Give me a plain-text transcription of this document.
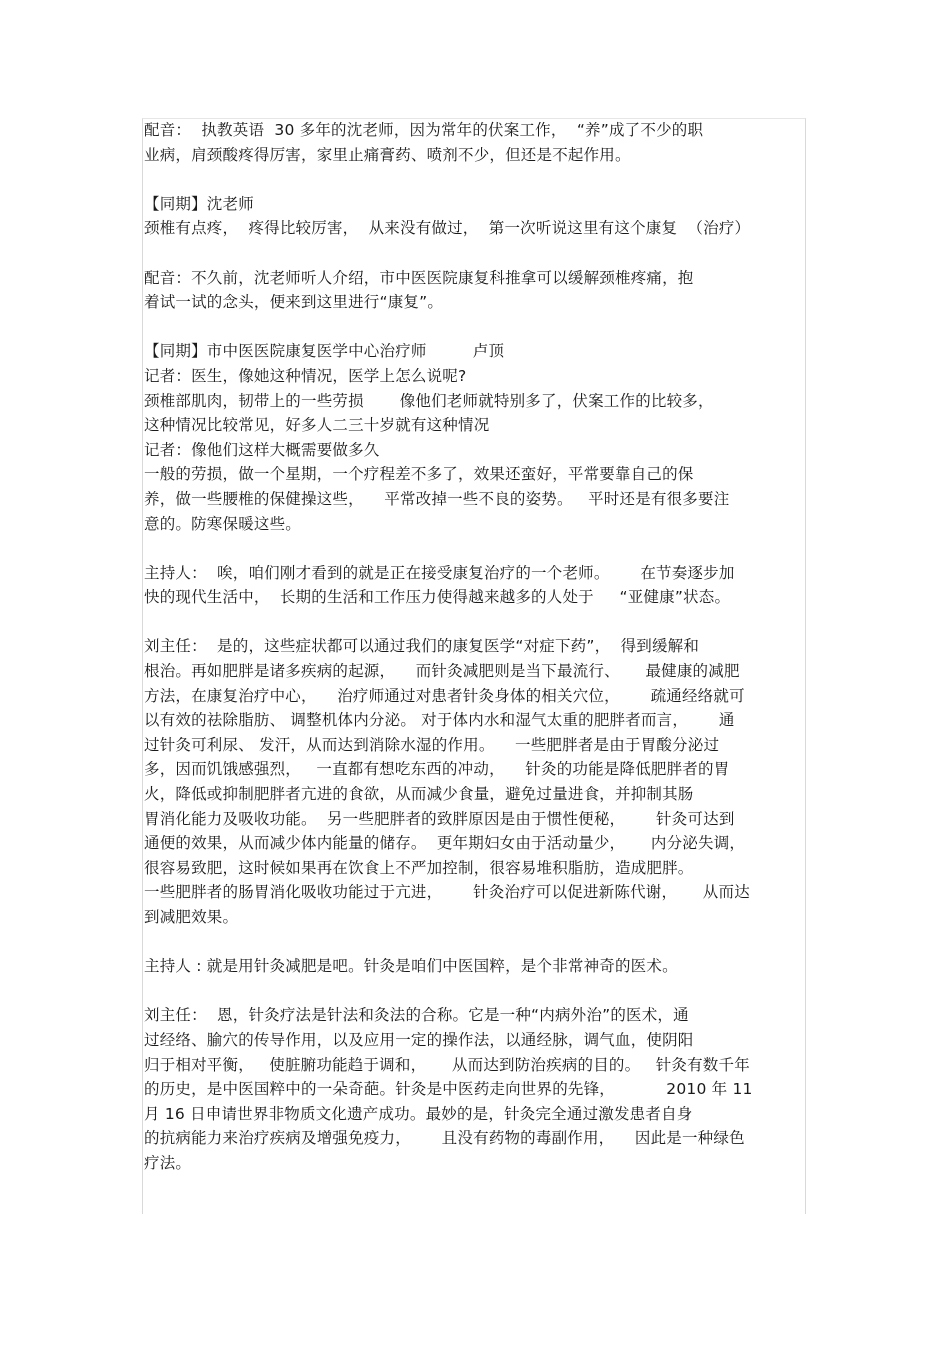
配音：  执教英语  30 多年的沈老师，因为常年的伏案工作，  “养”成了不少的职
业病，肩颈酸疼得厉害，家里止痛膏药、喷剂不少，但还是不起作用。
【同期】沈老师
颈椎有点疼，  疼得比较厉害，  从来没有做过，  第一次听说这里有这个康复  （治疗）
配音：不久前，沈老师听人介绍，市中医医院康复科推拿可以缓解颈椎疼痛，抱
着试一试的念头，便来到这里进行“康复”。
【同期】市中医医院康复医学中心治疗师         卢顶
记者：医生，像她这种情况，医学上怎么说呢?
颈椎部肌肉，韧带上的一些劳损       像他们老师就特别多了，伏案工作的比较多，
这种情况比较常见，好多人二三十岁就有这种情况
记者：像他们这样大概需要做多久
一般的劳损，做一个星期，一个疗程差不多了，效果还蛮好，平常要靠自己的保
养，做一些腰椎的保健操这些，    平常改掉一些不良的姿势。   平时还是有很多要注
意的。防寒保暖这些。
主持人：  唉，咱们刚才看到的就是正在接受康复治疗的一个老师。      在节奏逐步加
快的现代生活中，  长期的生活和工作压力使得越来越多的人处于     “亚健康”状态。
刘主任：  是的，这些症状都可以通过我们的康复医学“对症下药”，  得到缓解和
根治。再如肥胖是诸多疾病的起源，    而针灸减肥则是当下最流行、     最健康的减肥
方法，在康复治疗中心，    治疗师通过对患者针灸身体的相关穴位，      疏通经络就可
以有效的祛除脂肪、 调整机体内分泌。 对于体内水和湿气太重的肥胖者而言，      通
过针灸可利尿、 发汗，从而达到消除水湿的作用。    一些肥胖者是由于胃酸分泌过
多，因而饥饿感强烈，   一直都有想吃东西的冲动，    针灸的功能是降低肥胖者的胃
火，降低或抑制肥胖者亢进的食欲，从而减少食量，避免过量进食，并抑制其肠
胃消化能力及吸收功能。  另一些肥胖者的致胖原因是由于惯性便秘，      针灸可达到
通便的效果，从而减少体内能量的储存。  更年期妇女由于活动量少，     内分泌失调，
很容易致肥，这时候如果再在饮食上不严加控制，很容易堆积脂肪，造成肥胖。
一些肥胖者的肠胃消化吸收功能过于亢进，      针灸治疗可以促进新陈代谢，     从而达
到减肥效果。
主持人 : 就是用针灸减肥是吧。针灸是咱们中医国粹，是个非常神奇的医术。
刘主任：  恩，针灸疗法是针法和灸法的合称。它是一种“内病外治”的医术，通
过经络、腧穴的传导作用，以及应用一定的操作法，以通经脉，调气血，使阴阳
归于相对平衡，   使脏腑功能趋于调和，     从而达到防治疾病的目的。   针灸有数千年
的历史，是中医国粹中的一朵奇葩。针灸是中医药走向世界的先锋，          2010 年 11
月 16 日申请世界非物质文化遗产成功。最妙的是，针灸完全通过激发患者自身
的抗病能力来治疗疾病及增强免疫力，      且没有药物的毒副作用，    因此是一种绿色
疗法。
